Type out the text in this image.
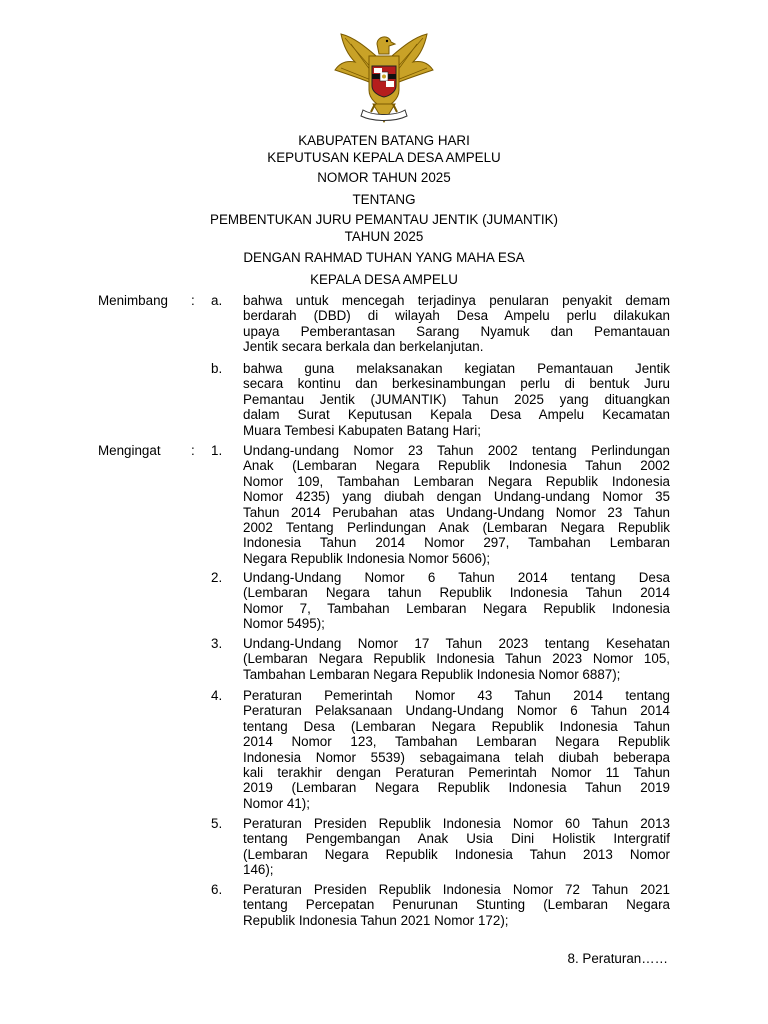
KABUPATEN BATANG HARI
KEPUTUSAN KEPALA DESA AMPELU
NOMOR TAHUN 2025
TENTANG
PEMBENTUKAN JURU PEMANTAU JENTIK (JUMANTIK)
TAHUN 2025
DENGAN RAHMAD TUHAN YANG MAHA ESA
KEPALA DESA AMPELU
Menimbang : a. bahwa untuk mencegah terjadinya penularan penyakit demam
berdarah (DBD) di wilayah Desa Ampelu perlu dilakukan
upaya Pemberantasan Sarang Nyamuk dan Pemantauan
Jentik secara berkala dan berkelanjutan.
b. bahwa guna melaksanakan kegiatan Pemantauan Jentik
secara kontinu dan berkesinambungan perlu di bentuk Juru
Pemantau Jentik (JUMANTIK) Tahun 2025 yang dituangkan
dalam Surat Keputusan Kepala Desa Ampelu Kecamatan
Muara Tembesi Kabupaten Batang Hari;
Mengingat : 1. Undang-undang Nomor 23 Tahun 2002 tentang Perlindungan
Anak (Lembaran Negara Republik Indonesia Tahun 2002
Nomor 109, Tambahan Lembaran Negara Republik Indonesia
Nomor 4235) yang diubah dengan Undang-undang Nomor 35
Tahun 2014 Perubahan atas Undang-Undang Nomor 23 Tahun
2002 Tentang Perlindungan Anak (Lembaran Negara Republik
Indonesia Tahun 2014 Nomor 297, Tambahan Lembaran
Negara Republik Indonesia Nomor 5606);
2. Undang-Undang Nomor 6 Tahun 2014 tentang Desa
(Lembaran Negara tahun Republik Indonesia Tahun 2014
Nomor 7, Tambahan Lembaran Negara Republik Indonesia
Nomor 5495);
3. Undang-Undang Nomor 17 Tahun 2023 tentang Kesehatan
(Lembaran Negara Republik Indonesia Tahun 2023 Nomor 105,
Tambahan Lembaran Negara Republik Indonesia Nomor 6887);
4. Peraturan Pemerintah Nomor 43 Tahun 2014 tentang
Peraturan Pelaksanaan Undang-Undang Nomor 6 Tahun 2014
tentang Desa (Lembaran Negara Republik Indonesia Tahun
2014 Nomor 123, Tambahan Lembaran Negara Republik
Indonesia Nomor 5539) sebagaimana telah diubah beberapa
kali terakhir dengan Peraturan Pemerintah Nomor 11 Tahun
2019 (Lembaran Negara Republik Indonesia Tahun 2019
Nomor 41);
5. Peraturan Presiden Republik Indonesia Nomor 60 Tahun 2013
tentang Pengembangan Anak Usia Dini Holistik Intergratif
(Lembaran Negara Republik Indonesia Tahun 2013 Nomor
146);
6. Peraturan Presiden Republik Indonesia Nomor 72 Tahun 2021
tentang Percepatan Penurunan Stunting (Lembaran Negara
Republik Indonesia Tahun 2021 Nomor 172);
8. Peraturan……
